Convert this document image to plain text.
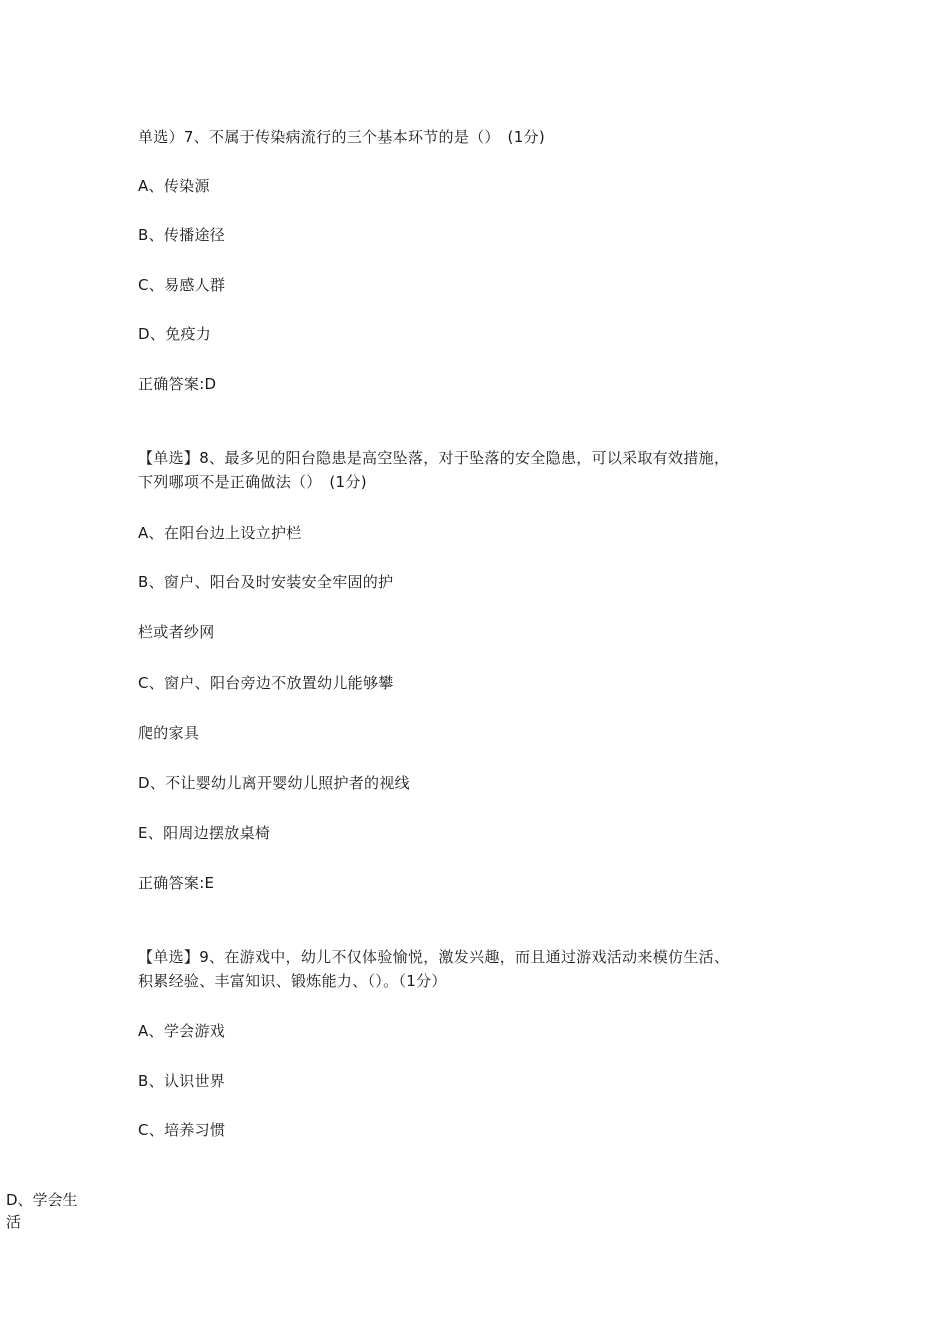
单选）7、不属于传染病流行的三个基本环节的是（）　(1分)
A、传染源
B、传播途径
C、易感人群
D、免疫力
正确答案:D
【单选】8、最多见的阳台隐患是高空坠落，对于坠落的安全隐患，可以采取有效措施，
下列哪项不是正确做法（）　(1分)
A、在阳台边上设立护栏
B、窗户、阳台及时安装安全牢固的护
栏或者纱网
C、窗户、阳台旁边不放置幼儿能够攀
爬的家具
D、不让婴幼儿离开婴幼儿照护者的视线
E、阳周边摆放桌椅
正确答案:E
【单选】9、在游戏中，幼儿不仅体验愉悦，激发兴趣，而且通过游戏活动来模仿生活、
积累经验、丰富知识、锻炼能力、（）。（1分）
A、学会游戏
B、认识世界
C、培养习惯
D、学会生
活
